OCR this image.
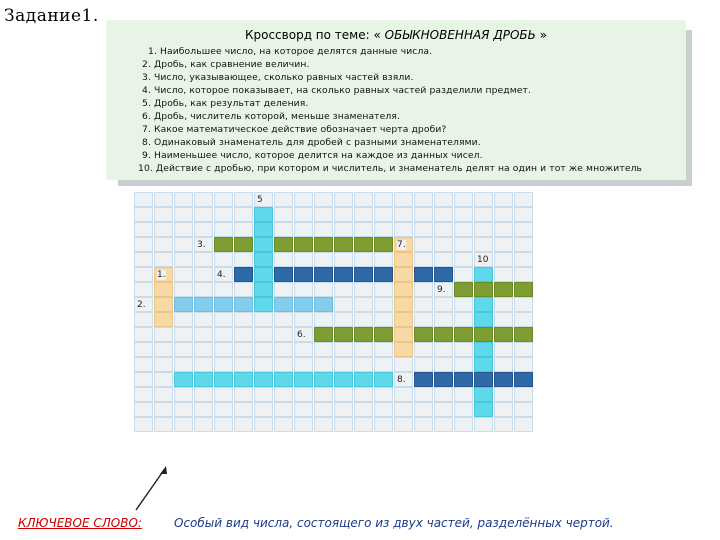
Задание1.
Кроссворд по теме: « ОБЫКНОВЕННАЯ ДРОБЬ »
1. Наибольшее число, на которое делятся данные числа.
2. Дробь, как сравнение величин.
3. Число, указывающее, сколько равных частей взяли.
4. Число, которое показывает, на сколько равных частей разделили предмет.
5. Дробь, как результат деления.
6. Дробь, числитель которой, меньше знаменателя.
7. Какое математическое действие обозначает черта дроби?
8. Одинаковый знаменатель для дробей с разными знаменателями.
9. Наименьшее число, которое делится на каждое из данных чисел.
10. Действие с дробью, при котором и числитель, и знаменатель делят на один и тот же множитель
5
3.	7.
10
1.	4.
9.
2.
6.
8.
КЛЮЧЕВОЕ СЛОВО:	Особый вид числа, состоящего из двух частей, разделённых чертой.
